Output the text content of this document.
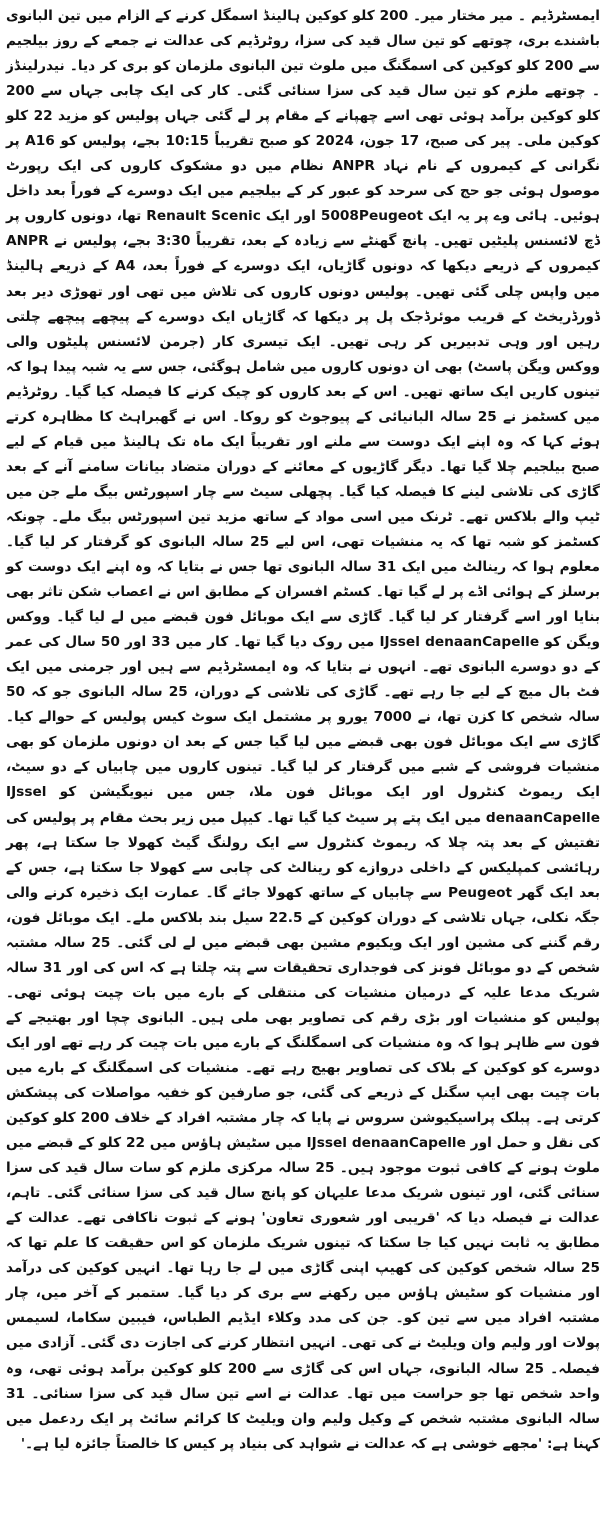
ایمسٹرڈیم ۔ میر مختار میر۔ 200 کلو کوکین ہالینڈ اسمگل کرنے کے الزام میں تین البانوی باشندے بری، چوتھے کو تین سال قید کی سزا، روٹرڈیم کی عدالت نے جمعے کے روز بیلجیم سے 200 کلو کوکین کی اسمگنگ میں ملوث تین البانوی ملزمان کو بری کر دیا۔ نیدرلینڈز ۔ چوتھے ملزم کو تین سال قید کی سزا سنائی گئی۔ کار کی ایک چابی جہاں سے 200 کلو کوکین برآمد ہوئی تھی اسے چھپانے کے مقام پر لے گئی جہاں پولیس کو مزید 22 کلو کوکین ملی۔ پیر کی صبح، 17 جون، 2024 کو صبح تقریباً 10:15 بجے، پولیس کو A16 پر نگرانی کے کیمروں کے نام نہاد ANPR نظام میں دو مشکوک کاروں کی ایک رپورٹ موصول ہوئی جو حج کی سرحد کو عبور کر کے بیلجیم میں ایک دوسرے کے فوراً بعد داخل ہوئیں۔ ہائی وے پر یہ ایک 5008Peugeot اور ایک Renault Scenic تھا، دونوں کاروں پر ڈچ لائسنس پلیٹیں تھیں۔ پانچ گھنٹے سے زیادہ کے بعد، تقریباً 3:30 بجے، پولیس نے ANPR کیمروں کے ذریعے دیکھا کہ دونوں گاڑیاں، ایک دوسرے کے فوراً بعد، A4 کے ذریعے ہالینڈ میں واپس چلی گئی تھیں۔ پولیس دونوں کاروں کی تلاش میں تھی اور تھوڑی دیر بعد ڈورڈریخٹ کے قریب موئرڈجک پل پر دیکھا کہ گاڑیاں ایک دوسرے کے پیچھے پیچھے چلتی رہیں اور وہی تدبیریں کر رہی تھیں۔ ایک تیسری کار (جرمن لائسنس پلیٹوں والی ووکس ویگن پاسٹ) بھی ان دونوں کاروں میں شامل ہوگئی، جس سے یہ شبہ پیدا ہوا کہ تینوں کاریں ایک ساتھ تھیں۔ اس کے بعد کاروں کو چیک کرنے کا فیصلہ کیا گیا۔ روٹرڈیم میں کسٹمز نے 25 سالہ البانیائی کے پیوجوٹ کو روکا۔ اس نے گھبراہٹ کا مظاہرہ کرتے ہوئے کہا کہ وہ اپنے ایک دوست سے ملنے اور تقریباً ایک ماہ تک ہالینڈ میں قیام کے لیے صبح بیلجیم چلا گیا تھا۔ دیگر گاڑیوں کے معائنے کے دوران متضاد بیانات سامنے آنے کے بعد گاڑی کی تلاشی لینے کا فیصلہ کیا گیا۔ پچھلی سیٹ سے چار اسپورٹس بیگ ملے جن میں ٹیپ والے بلاکس تھے۔ ٹرنک میں اسی مواد کے ساتھ مزید تین اسپورٹس بیگ ملے۔ چونکہ کسٹمز کو شبہ تھا کہ یہ منشیات تھی، اس لیے 25 سالہ البانوی کو گرفتار کر لیا گیا۔ معلوم ہوا کہ رینالٹ میں ایک 31 سالہ البانوی تھا جس نے بتایا کہ وہ اپنے ایک دوست کو برسلز کے ہوائی اڈے پر لے گیا تھا۔ کسٹم افسران کے مطابق اس نے اعصاب شکن تاثر بھی بنایا اور اسے گرفتار کر لیا گیا۔ گاڑی سے ایک موبائل فون قبضے میں لے لیا گیا۔ ووکس ویگن کو IJssel denaanCapelle میں روک دیا گیا تھا۔ کار میں 33 اور 50 سال کی عمر کے دو دوسرے البانوی تھے۔ انہوں نے بتایا کہ وہ ایمسٹرڈیم سے ہیں اور جرمنی میں ایک فٹ بال میچ کے لیے جا رہے تھے۔ گاڑی کی تلاشی کے دوران، 25 سالہ البانوی جو کہ 50 سالہ شخص کا کزن تھا، نے 7000 یورو پر مشتمل ایک سوٹ کیس پولیس کے حوالے کیا۔ گاڑی سے ایک موبائل فون بھی قبضے میں لیا گیا جس کے بعد ان دونوں ملزمان کو بھی منشیات فروشی کے شبے میں گرفتار کر لیا گیا۔ تینوں کاروں میں چابیاں کے دو سیٹ، ایک ریموٹ کنٹرول اور ایک موبائل فون ملا، جس میں نیویگیشن کو IJssel denaanCapelle میں ایک پتے پر سیٹ کیا گیا تھا۔ کیپل میں زیر بحث مقام پر پولیس کی تفتیش کے بعد پتہ چلا کہ ریموٹ کنٹرول سے ایک رولنگ گیٹ کھولا جا سکتا ہے، پھر رہائشی کمپلیکس کے داخلی دروازے کو رینالٹ کی چابی سے کھولا جا سکتا ہے، جس کے بعد ایک گھر Peugeot سے چابیاں کے ساتھ کھولا جائے گا۔ عمارت ایک ذخیرہ کرنے والی جگہ نکلی، جہاں تلاشی کے دوران کوکین کے 22.5 سیل بند بلاکس ملے۔ ایک موبائل فون، رقم گننے کی مشین اور ایک ویکیوم مشین بھی قبضے میں لے لی گئی۔ 25 سالہ مشتبہ شخص کے دو موبائل فونز کی فوجداری تحقیقات سے پتہ چلتا ہے کہ اس کی اور 31 سالہ شریک مدعا علیہ کے درمیان منشیات کی منتقلی کے بارے میں بات چیت ہوئی تھی۔ پولیس کو منشیات اور بڑی رقم کی تصاویر بھی ملی ہیں۔ البانوی چچا اور بھتیجے کے فون سے ظاہر ہوا کہ وہ منشیات کی اسمگلنگ کے بارے میں بات چیت کر رہے تھے اور ایک دوسرے کو کوکین کے بلاک کی تصاویر بھیج رہے تھے۔ منشیات کی اسمگلنگ کے بارے میں بات چیت بھی ایپ سگنل کے ذریعے کی گئی، جو صارفین کو خفیہ مواصلات کی پیشکش کرتی ہے۔ پبلک پراسیکیوشن سروس نے پایا کہ چار مشتبہ افراد کے خلاف 200 کلو کوکین کی نقل و حمل اور IJssel denaanCapelle میں سٹیش ہاؤس میں 22 کلو کے قبضے میں ملوث ہونے کے کافی ثبوت موجود ہیں۔ 25 سالہ مرکزی ملزم کو سات سال قید کی سزا سنائی گئی، اور تینوں شریک مدعا علیہان کو پانچ سال قید کی سزا سنائی گئی۔ تاہم، عدالت نے فیصلہ دیا کہ 'قریبی اور شعوری تعاون' ہونے کے ثبوت ناکافی تھے۔ عدالت کے مطابق یہ ثابت نہیں کیا جا سکتا کہ تینوں شریک ملزمان کو اس حقیقت کا علم تھا کہ 25 سالہ شخص کوکین کی کھیپ اپنی گاڑی میں لے جا رہا تھا۔ انہیں کوکین کی درآمد اور منشیات کو سٹیش ہاؤس میں رکھنے سے بری کر دیا گیا۔ ستمبر کے آخر میں، چار مشتبہ افراد میں سے تین کو۔ جن کی مدد وکلاء ایڈیم الطباس، فیبین سکاما، لسیمس پولات اور ولیم وان ویلیٹ نے کی تھی۔ انہیں انتظار کرنے کی اجازت دی گئی۔ آزادی میں فیصلہ۔ 25 سالہ البانوی، جہاں اس کی گاڑی سے 200 کلو کوکین برآمد ہوئی تھی، وہ واحد شخص تھا جو حراست میں تھا۔ عدالت نے اسے تین سال قید کی سزا سنائی۔ 31 سالہ البانوی مشتبہ شخص کے وکیل ولیم وان ویلیٹ کا کرائم سائٹ پر ایک ردعمل میں کہنا ہے: 'مجھے خوشی ہے کہ عدالت نے شواہد کی بنیاد پر کیس کا خالصتاً جائزہ لیا ہے۔'
